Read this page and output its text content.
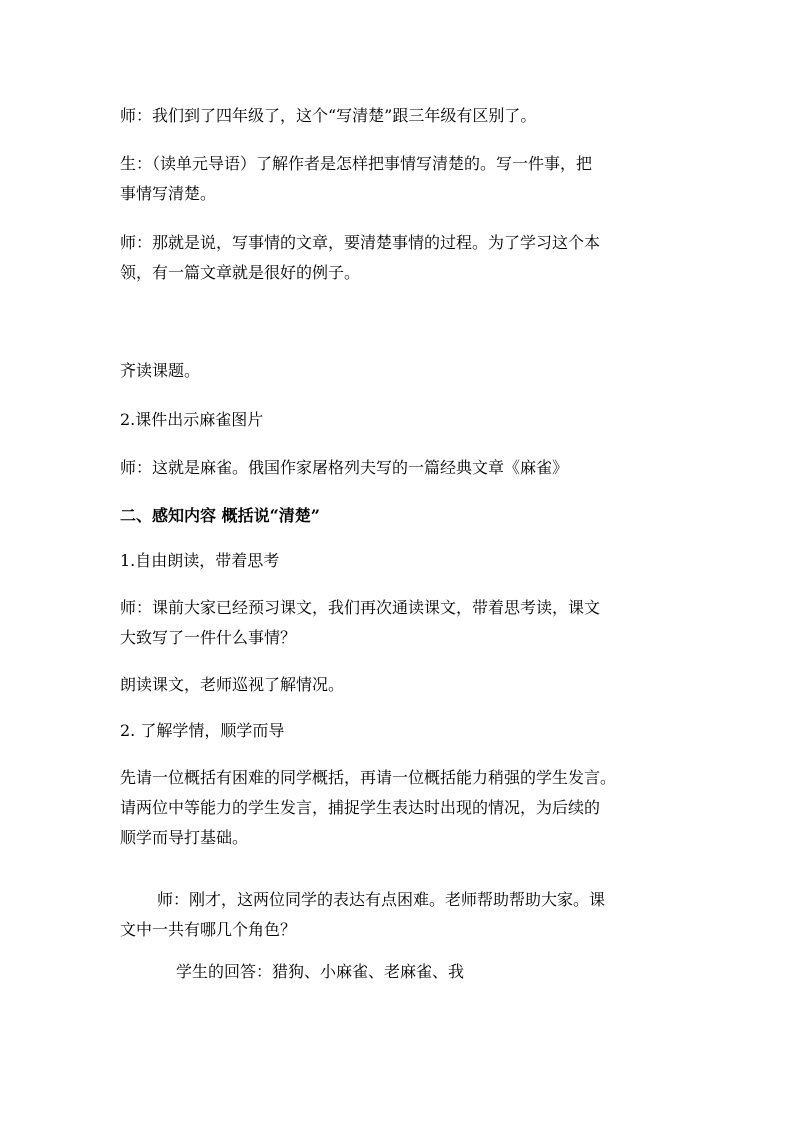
师：我们到了四年级了，这个“写清楚”跟三年级有区别了。

生：（读单元导语）了解作者是怎样把事情写清楚的。写一件事，把
事情写清楚。

师：那就是说，写事情的文章，要清楚事情的过程。为了学习这个本
领，有一篇文章就是很好的例子。

齐读课题。

2.课件出示麻雀图片

师：这就是麻雀。俄国作家屠格列夫写的一篇经典文章《麻雀》

二、感知内容 概括说“清楚”

1.自由朗读，带着思考

师：课前大家已经预习课文，我们再次通读课文，带着思考读，课文
大致写了一件什么事情？

朗读课文，老师巡视了解情况。

2. 了解学情，顺学而导

先请一位概括有困难的同学概括，再请一位概括能力稍强的学生发言。
请两位中等能力的学生发言，捕捉学生表达时出现的情况，为后续的
顺学而导打基础。

师：刚才，这两位同学的表达有点困难。老师帮助帮助大家。课
文中一共有哪几个角色？

学生的回答：猎狗、小麻雀、老麻雀、我
